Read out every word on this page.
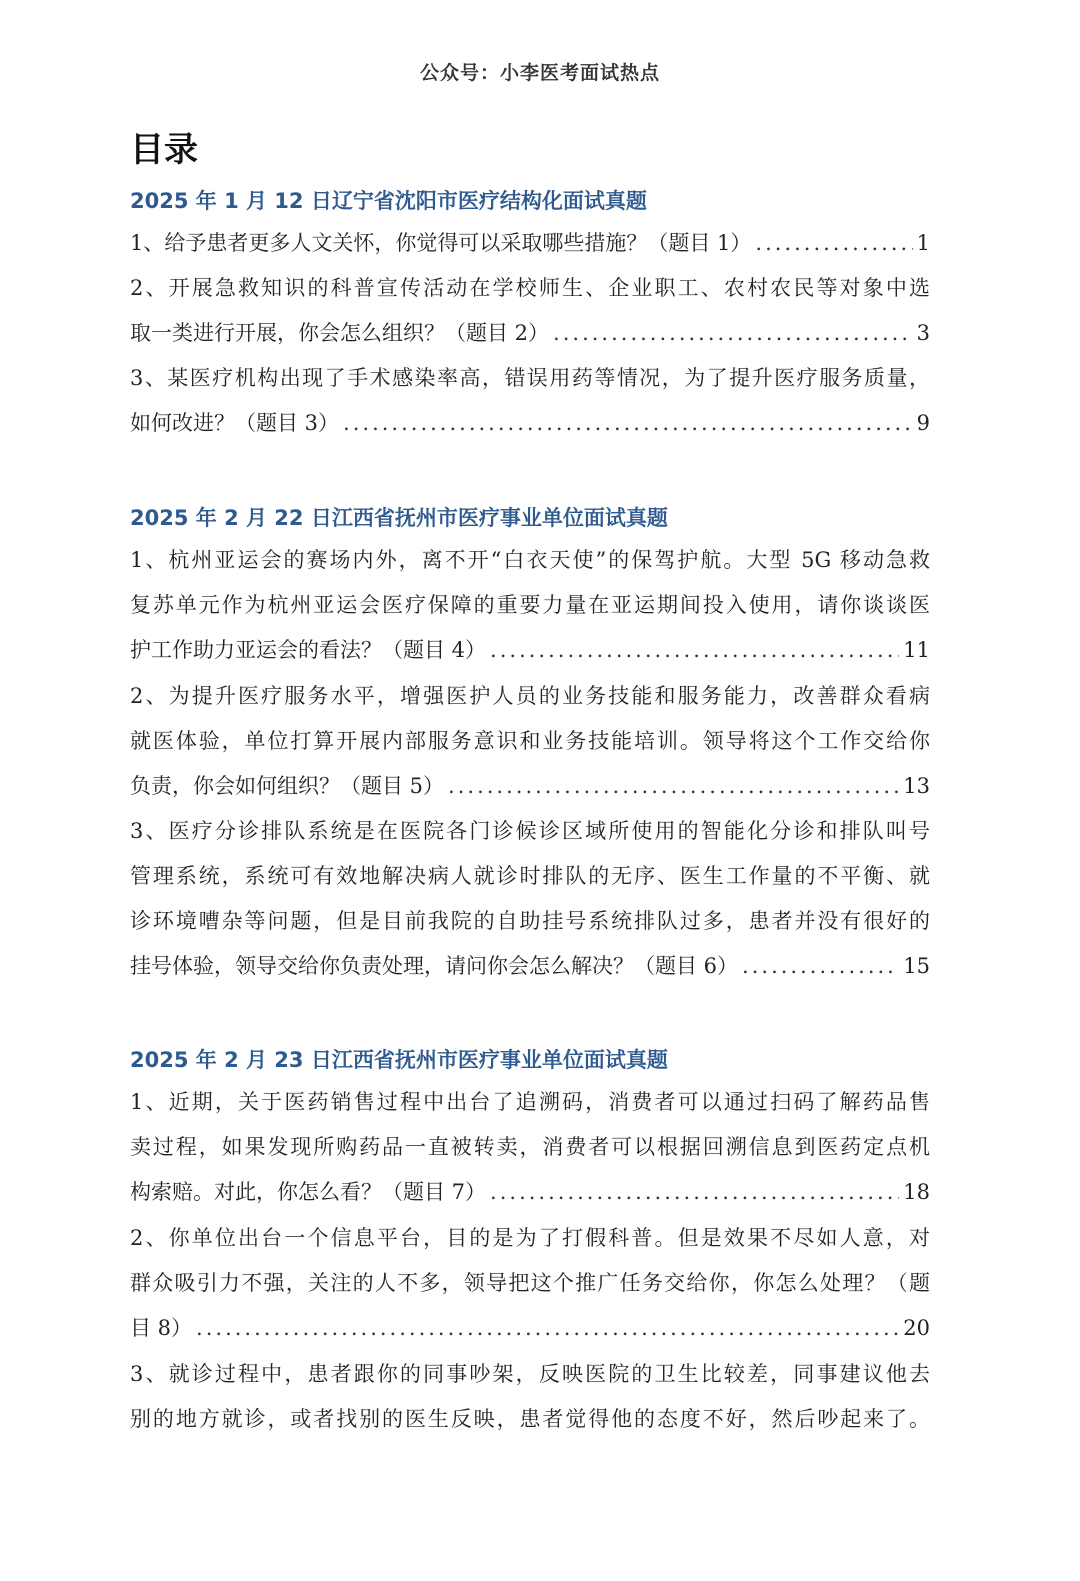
公众号：小李医考面试热点
目录
2025 年 1 月 12 日辽宁省沈阳市医疗结构化面试真题
1、给予患者更多人文关怀，你觉得可以采取哪些措施？（题目 1） .....	1
2、开展急救知识的科普宣传活动在学校师生、企业职工、农村农民等对象中选
取一类进行开展，你会怎么组织？（题目 2） .....	3
3、某医疗机构出现了手术感染率高，错误用药等情况，为了提升医疗服务质量，
如何改进？（题目 3） .....	9
2025 年 2 月 22 日江西省抚州市医疗事业单位面试真题
1、杭州亚运会的赛场内外，离不开“白衣天使”的保驾护航。大型 5G 移动急救
复苏单元作为杭州亚运会医疗保障的重要力量在亚运期间投入使用，请你谈谈医
护工作助力亚运会的看法？（题目 4） .....	11
2、为提升医疗服务水平，增强医护人员的业务技能和服务能力，改善群众看病
就医体验，单位打算开展内部服务意识和业务技能培训。领导将这个工作交给你
负责，你会如何组织？（题目 5） .....	13
3、医疗分诊排队系统是在医院各门诊候诊区域所使用的智能化分诊和排队叫号
管理系统，系统可有效地解决病人就诊时排队的无序、医生工作量的不平衡、就
诊环境嘈杂等问题，但是目前我院的自助挂号系统排队过多，患者并没有很好的
挂号体验，领导交给你负责处理，请问你会怎么解决？（题目 6） .....	15
2025 年 2 月 23 日江西省抚州市医疗事业单位面试真题
1、近期，关于医药销售过程中出台了追溯码，消费者可以通过扫码了解药品售
卖过程，如果发现所购药品一直被转卖，消费者可以根据回溯信息到医药定点机
构索赔。对此，你怎么看？（题目 7） .....	18
2、你单位出台一个信息平台，目的是为了打假科普。但是效果不尽如人意，对
群众吸引力不强，关注的人不多，领导把这个推广任务交给你，你怎么处理？（题
目 8） .....	20
3、就诊过程中，患者跟你的同事吵架，反映医院的卫生比较差，同事建议他去
别的地方就诊，或者找别的医生反映，患者觉得他的态度不好，然后吵起来了。
